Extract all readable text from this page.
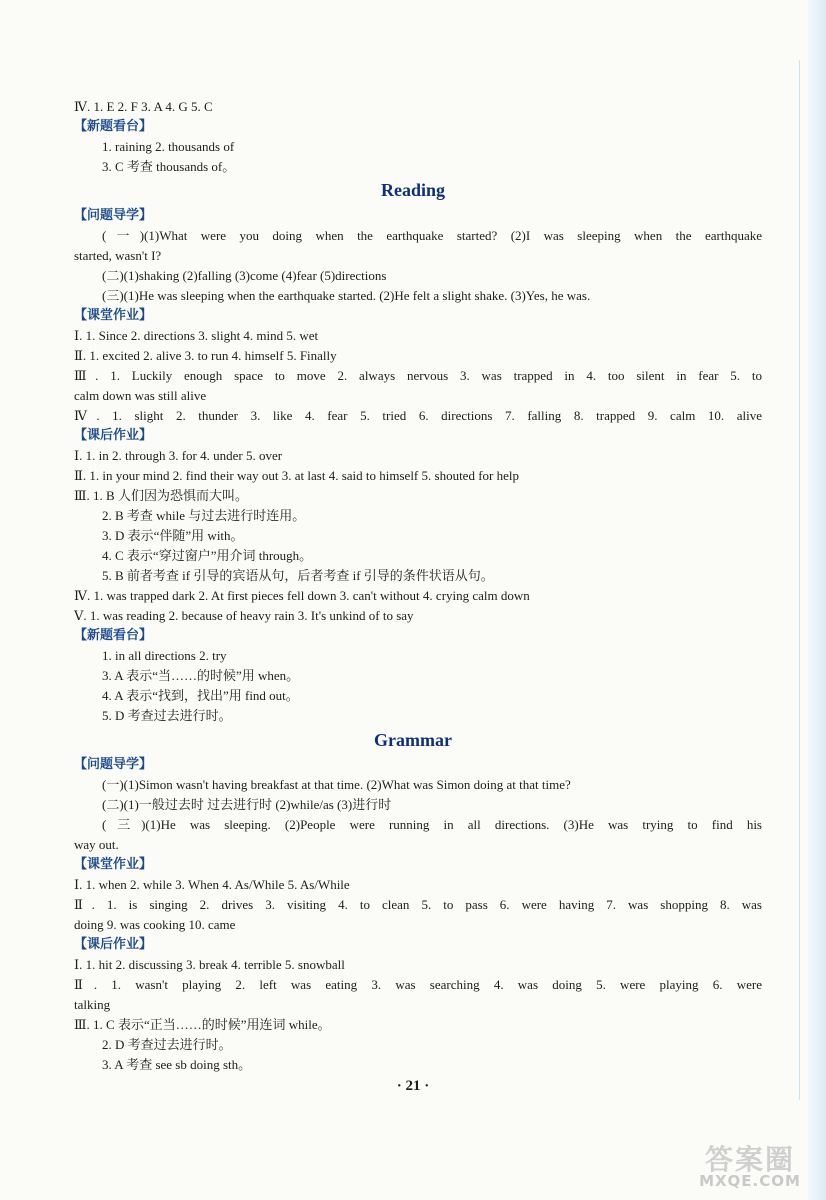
Ⅳ. 1. E 2. F 3. A 4. G 5. C
【新题看台】
1. raining 2. thousands of
3. C 考查 thousands of。
Reading
【问题导学】
(一)(1)What were you doing when the earthquake started? (2)I was sleeping when the earthquake
started, wasn't I?
(二)(1)shaking (2)falling (3)come (4)fear (5)directions
(三)(1)He was sleeping when the earthquake started. (2)He felt a slight shake. (3)Yes, he was.
【课堂作业】
Ⅰ. 1. Since 2. directions 3. slight 4. mind 5. wet
Ⅱ. 1. excited 2. alive 3. to run 4. himself 5. Finally
Ⅲ. 1. Luckily enough space to move 2. always nervous 3. was trapped in 4. too silent in fear 5. to
calm down was still alive
Ⅳ. 1. slight 2. thunder 3. like 4. fear 5. tried 6. directions 7. falling 8. trapped 9. calm 10. alive
【课后作业】
Ⅰ. 1. in 2. through 3. for 4. under 5. over
Ⅱ. 1. in your mind 2. find their way out 3. at last 4. said to himself 5. shouted for help
Ⅲ. 1. B 人们因为恐惧而大叫。
2. B 考查 while 与过去进行时连用。
3. D 表示“伴随”用 with。
4. C 表示“穿过窗户”用介词 through。
5. B 前者考查 if 引导的宾语从句，后者考查 if 引导的条件状语从句。
Ⅳ. 1. was trapped dark 2. At first pieces fell down 3. can't without 4. crying calm down
Ⅴ. 1. was reading 2. because of heavy rain 3. It's unkind of to say
【新题看台】
1. in all directions 2. try
3. A 表示“当……的时候”用 when。
4. A 表示“找到，找出”用 find out。
5. D 考查过去进行时。
Grammar
【问题导学】
(一)(1)Simon wasn't having breakfast at that time. (2)What was Simon doing at that time?
(二)(1)一般过去时 过去进行时 (2)while/as (3)进行时
(三)(1)He was sleeping. (2)People were running in all directions. (3)He was trying to find his
way out.
【课堂作业】
Ⅰ. 1. when 2. while 3. When 4. As/While 5. As/While
Ⅱ. 1. is singing 2. drives 3. visiting 4. to clean 5. to pass 6. were having 7. was shopping 8. was
doing 9. was cooking 10. came
【课后作业】
Ⅰ. 1. hit 2. discussing 3. break 4. terrible 5. snowball
Ⅱ. 1. wasn't playing 2. left was eating 3. was searching 4. was doing 5. were playing 6. were
talking
Ⅲ. 1. C 表示“正当……的时候”用连词 while。
2. D 考查过去进行时。
3. A 考查 see sb doing sth。
· 21 ·
答案圈
MXQE.COM
